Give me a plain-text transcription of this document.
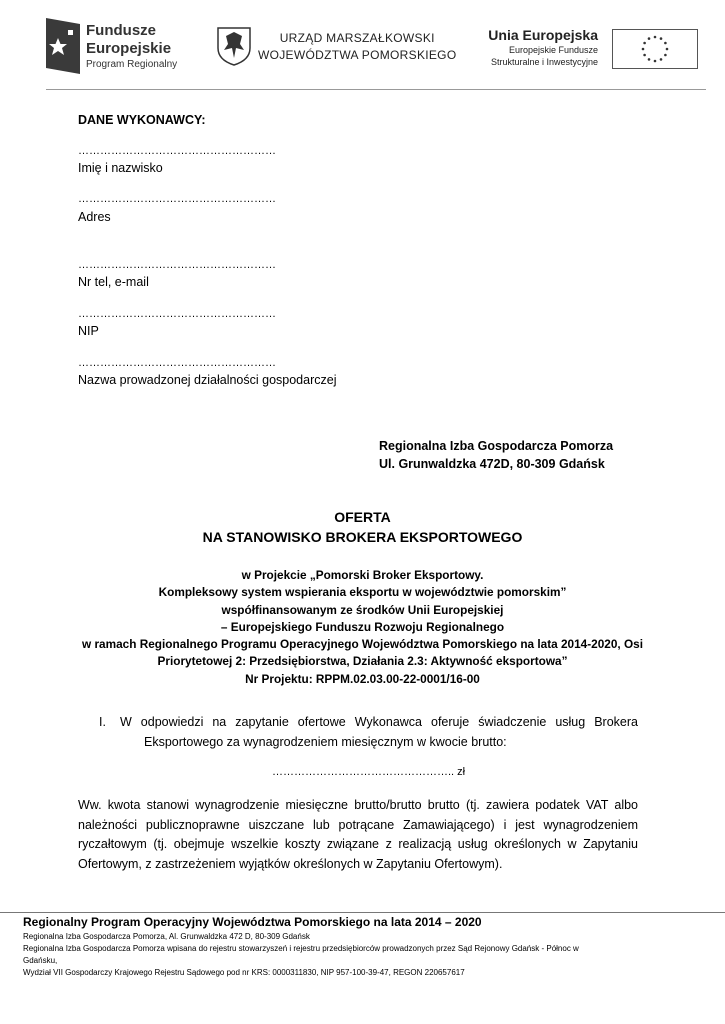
Fundusze
Europejskie
Program Regionalny
URZĄD MARSZAŁKOWSKI
WOJEWÓDZTWA POMORSKIEGO
Unia Europejska
Europejskie Fundusze
Strukturalne i Inwestycyjne
DANE WYKONAWCY:
………………………………………………
Imię i nazwisko
………………………………………………
Adres
………………………………………………
Nr tel, e-mail
………………………………………………
NIP
………………………………………………
Nazwa prowadzonej działalności gospodarczej
Regionalna Izba Gospodarcza Pomorza
Ul. Grunwaldzka 472D, 80-309 Gdańsk
OFERTA
NA STANOWISKO BROKERA EKSPORTOWEGO
w Projekcie „Pomorski Broker Eksportowy.
Kompleksowy system wspierania eksportu w województwie pomorskim”
współfinansowanym ze środków Unii Europejskiej
– Europejskiego Funduszu Rozwoju Regionalnego
w ramach Regionalnego Programu Operacyjnego Województwa Pomorskiego na lata 2014-2020, Osi
Priorytetowej 2: Przedsiębiorstwa, Działania 2.3: Aktywność eksportowa”
Nr Projektu: RPPM.02.03.00-22-0001/16-00
I. W odpowiedzi na zapytanie ofertowe Wykonawca oferuje świadczenie usług Brokera
Eksportowego za wynagrodzeniem miesięcznym w kwocie brutto:
………………………………………….. zł
Ww. kwota stanowi wynagrodzenie miesięczne brutto/brutto brutto (tj. zawiera podatek VAT albo
należności publicznoprawne uiszczane lub potrącane Zamawiającego) i jest wynagrodzeniem
ryczałtowym (tj. obejmuje wszelkie koszty związane z realizacją usług określonych w Zapytaniu
Ofertowym, z zastrzeżeniem wyjątków określonych w Zapytaniu Ofertowym).
Regionalny Program Operacyjny Województwa Pomorskiego na lata 2014 – 2020
Regionalna Izba Gospodarcza Pomorza, Al. Grunwaldzka 472 D, 80-309 Gdańsk
Regionalna Izba Gospodarcza Pomorza wpisana do rejestru stowarzyszeń i rejestru przedsiębiorców prowadzonych przez Sąd Rejonowy Gdańsk - Północ w
Gdańsku,
Wydział VII Gospodarczy Krajowego Rejestru Sądowego pod nr KRS: 0000311830, NIP 957-100-39-47, REGON 220657617
